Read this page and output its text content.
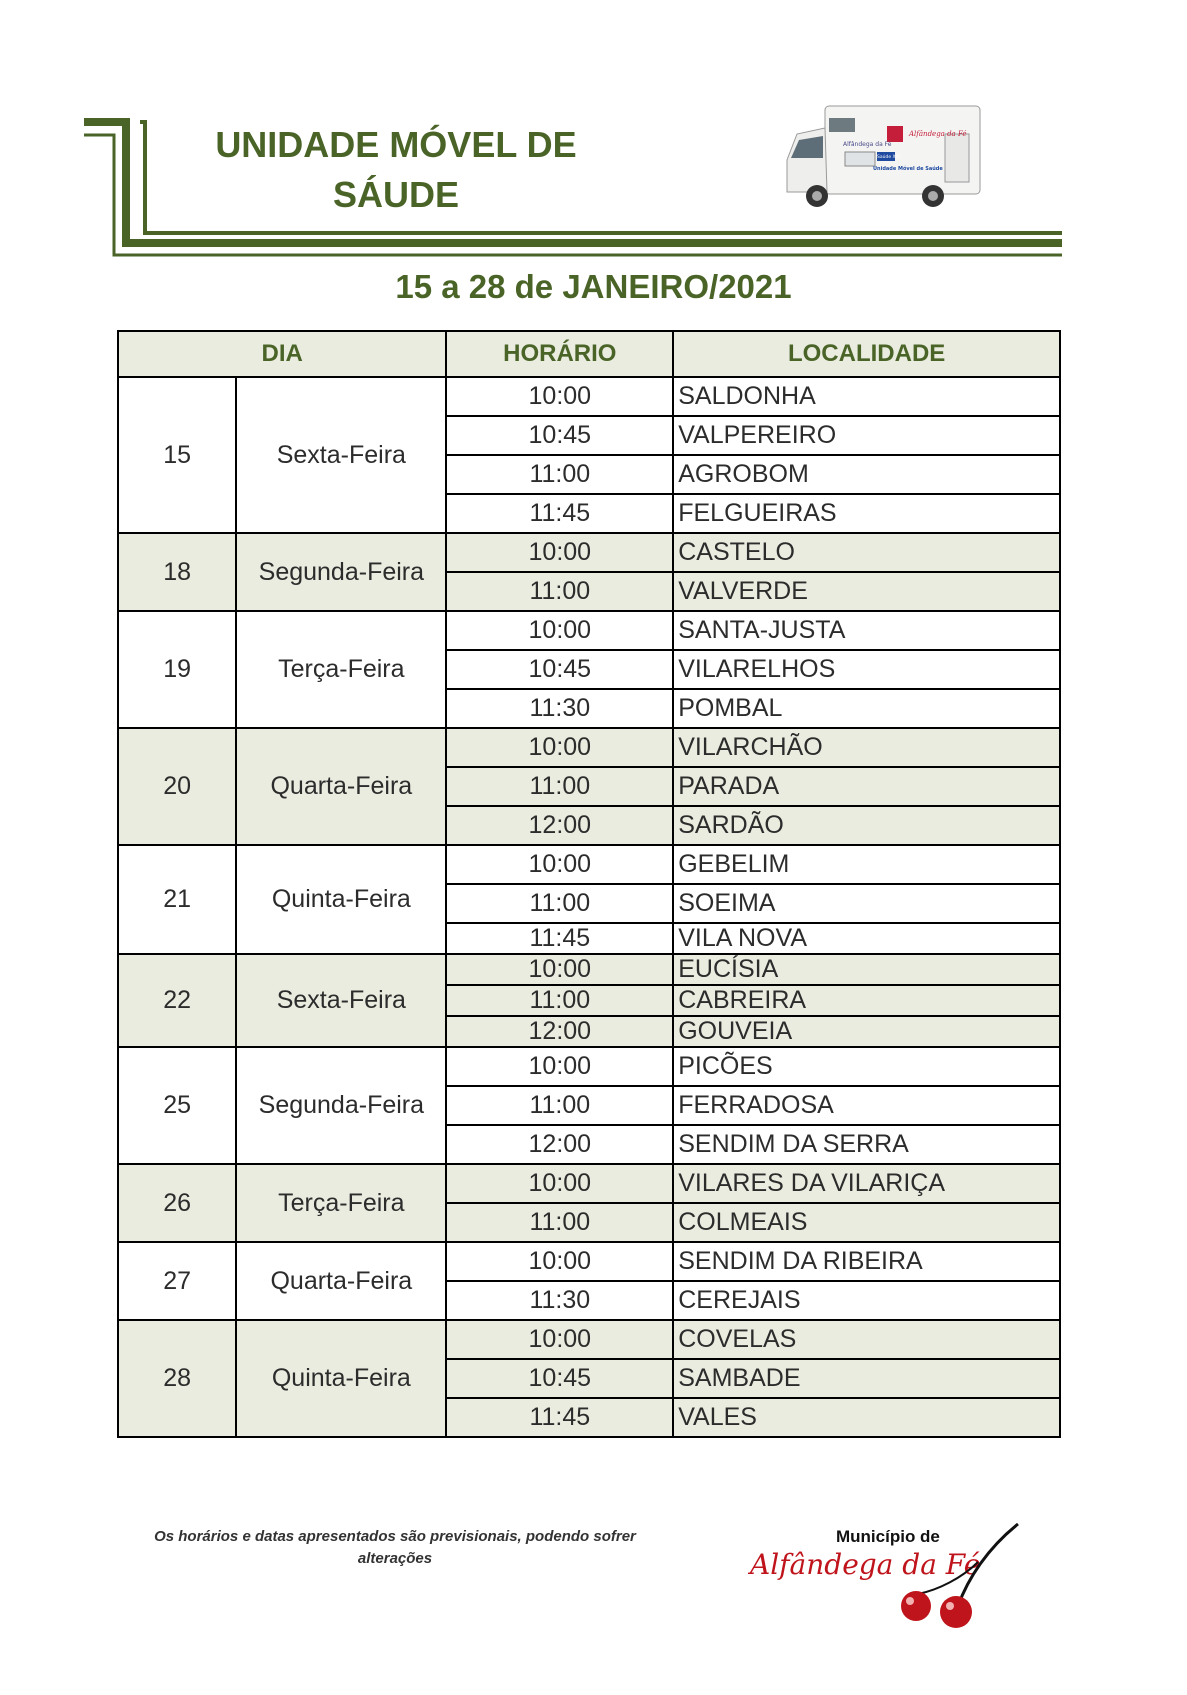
UNIDADE MÓVEL DE
SÁUDE
Alfândega da Fé
Saúde XXI
Unidade Móvel de Saúde
Alfândega da Fé
15 a 28 de JANEIRO/2021
DIA		HORÁRIO	LOCALIDADE
15	Sexta-Feira	10:00	SALDONHA
		10:45	VALPEREIRO
		11:00	AGROBOM
		11:45	FELGUEIRAS
18	Segunda-Feira	10:00	CASTELO
		11:00	VALVERDE
19	Terça-Feira	10:00	SANTA-JUSTA
		10:45	VILARELHOS
		11:30	POMBAL
20	Quarta-Feira	10:00	VILARCHÃO
		11:00	PARADA
		12:00	SARDÃO
21	Quinta-Feira	10:00	GEBELIM
		11:00	SOEIMA
		11:45	VILA NOVA
22	Sexta-Feira	10:00	EUCÍSIA
		11:00	CABREIRA
		12:00	GOUVEIA
25	Segunda-Feira	10:00	PICÕES
		11:00	FERRADOSA
		12:00	SENDIM DA SERRA
26	Terça-Feira	10:00	VILARES DA VILARIÇA
		11:00	COLMEAIS
27	Quarta-Feira	10:00	SENDIM DA RIBEIRA
		11:30	CEREJAIS
28	Quinta-Feira	10:00	COVELAS
		10:45	SAMBADE
		11:45	VALES
Os horários e datas apresentados são previsionais, podendo sofrer alterações
Município de
Alfândega da Fé
